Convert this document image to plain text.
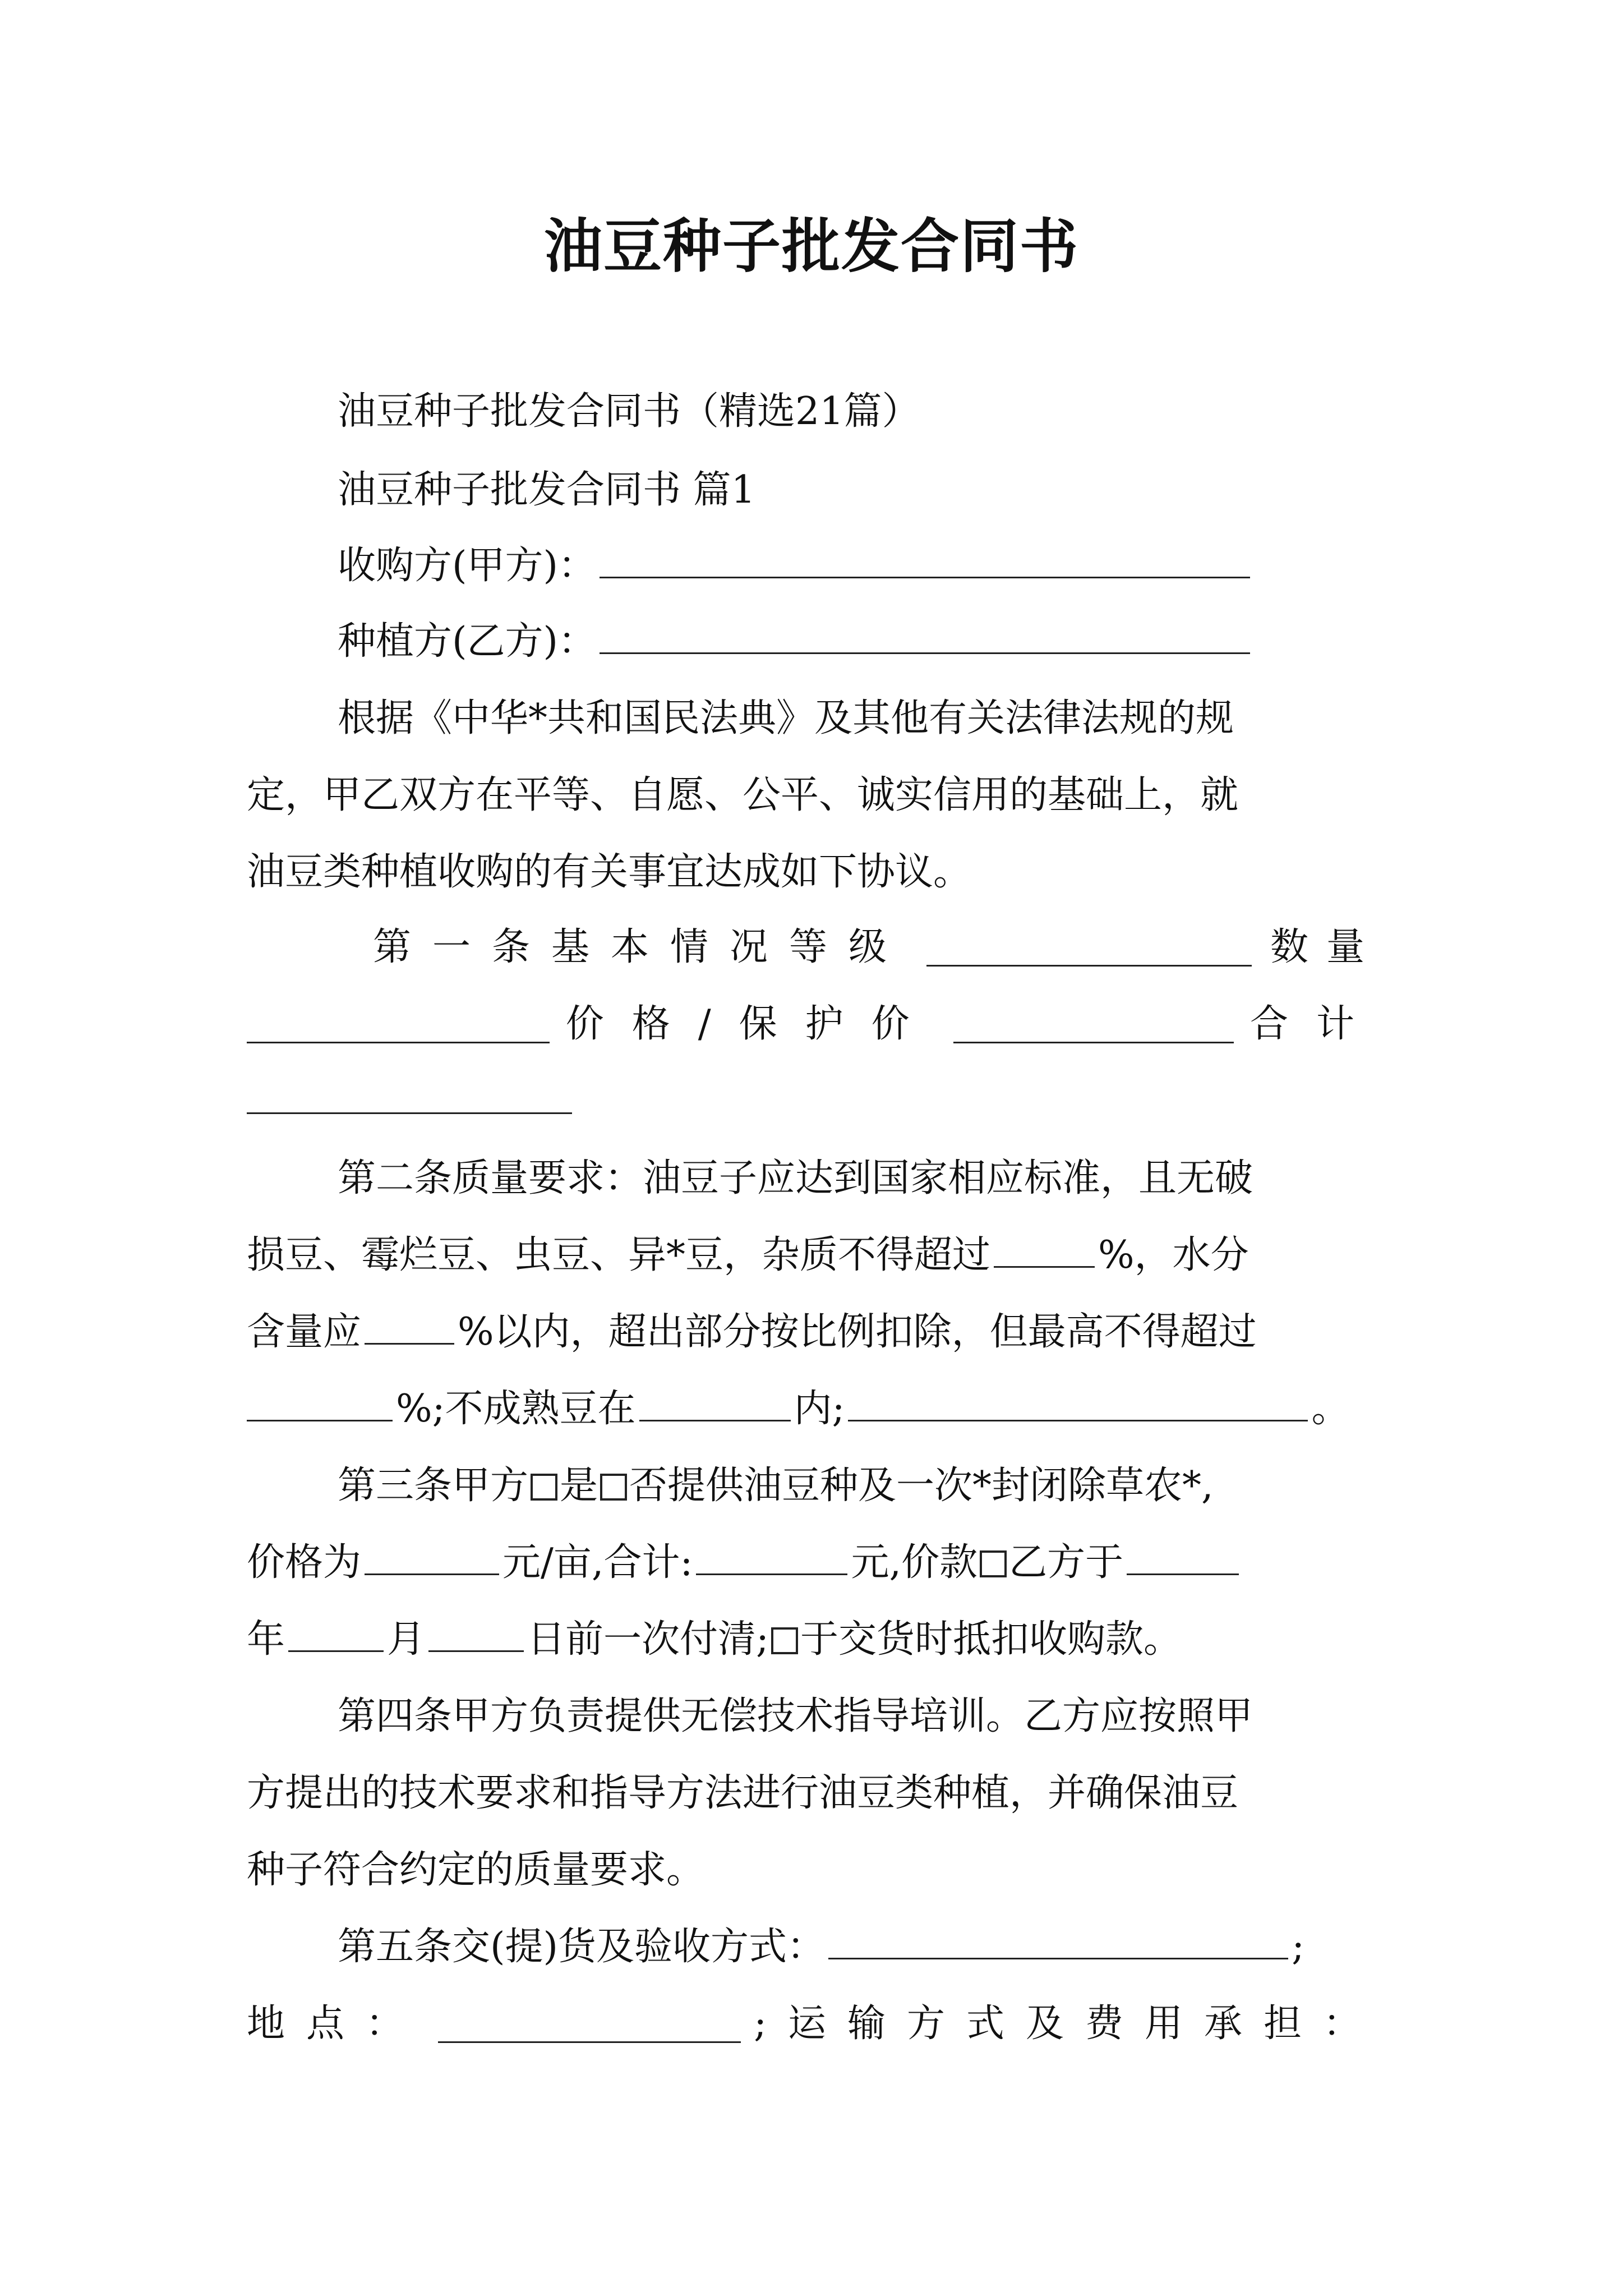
油豆种子批发合同书
油豆种子批发合同书（精选21篇）
油豆种子批发合同书 篇1
收购方(甲方)：
种植方(乙方)：
根据《中华*共和国民法典》及其他有关法律法规的规
定，甲乙双方在平等、自愿、公平、诚实信用的基础上，就
油豆类种植收购的有关事宜达成如下协议。
第一条基本情况等级	数量
价格/保护价	合计
第二条质量要求：油豆子应达到国家相应标准，且无破
损豆、霉烂豆、虫豆、异*豆，杂质不得超过	%，水分
含量应	%以内，超出部分按比例扣除，但最高不得超过
%;不成熟豆在	内;	。
第三条甲方 是 否提供油豆种及一次*封闭除草农*,
价格为	元/亩,合计:	元,价款 乙方于
年	月	日前一次付清; 于交货时抵扣收购款。
第四条甲方负责提供无偿技术指导培训。乙方应按照甲
方提出的技术要求和指导方法进行油豆类种植，并确保油豆
种子符合约定的质量要求。
第五条交(提)货及验收方式：	;
地点：	;运输方式及费用承担：
